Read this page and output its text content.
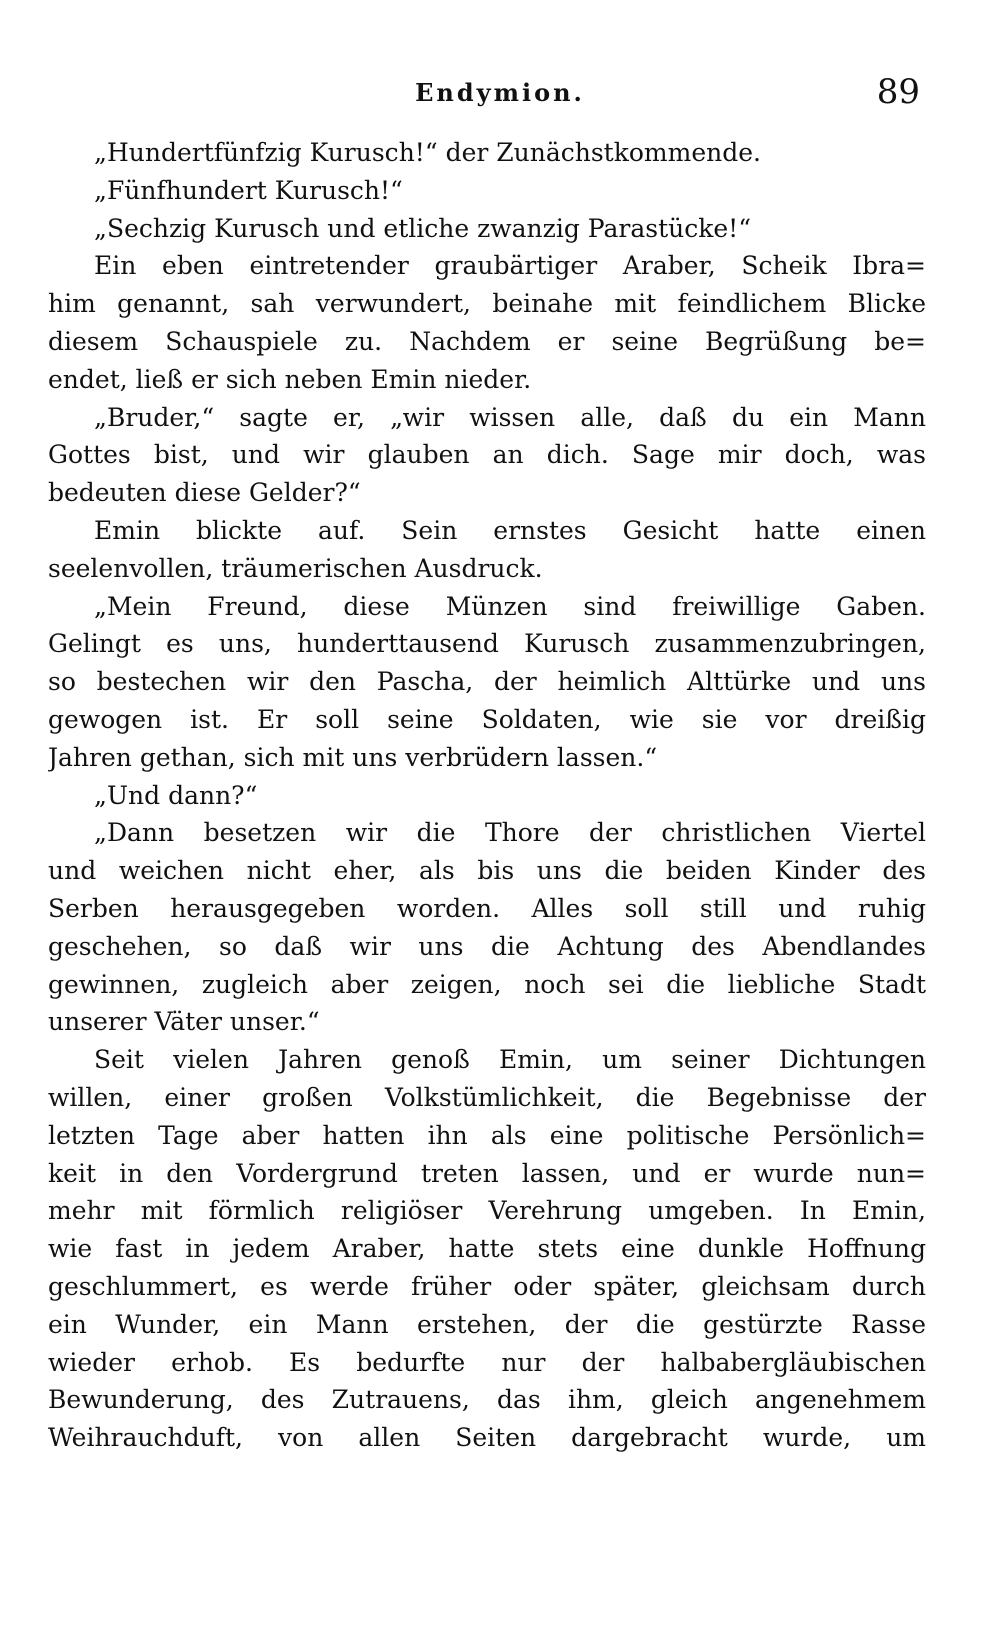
Endymion.	89
„Hundertfünfzig Kurusch!“ der Zunächstkommende.
„Fünfhundert Kurusch!“
„Sechzig Kurusch und etliche zwanzig Parastücke!“
Ein eben eintretender graubärtiger Araber, Scheik Ibra=
him genannt, sah verwundert, beinahe mit feindlichem Blicke
diesem Schauspiele zu. Nachdem er seine Begrüßung be=
endet, ließ er sich neben Emin nieder.
„Bruder,“ sagte er, „wir wissen alle, daß du ein Mann
Gottes bist, und wir glauben an dich. Sage mir doch, was
bedeuten diese Gelder?“
Emin blickte auf. Sein ernstes Gesicht hatte einen
seelenvollen, träumerischen Ausdruck.
„Mein Freund, diese Münzen sind freiwillige Gaben.
Gelingt es uns, hunderttausend Kurusch zusammenzubringen,
so bestechen wir den Pascha, der heimlich Alttürke und uns
gewogen ist. Er soll seine Soldaten, wie sie vor dreißig
Jahren gethan, sich mit uns verbrüdern lassen.“
„Und dann?“
„Dann besetzen wir die Thore der christlichen Viertel
und weichen nicht eher, als bis uns die beiden Kinder des
Serben herausgegeben worden. Alles soll still und ruhig
geschehen, so daß wir uns die Achtung des Abendlandes
gewinnen, zugleich aber zeigen, noch sei die liebliche Stadt
unserer Väter unser.“
Seit vielen Jahren genoß Emin, um seiner Dichtungen
willen, einer großen Volkstümlichkeit, die Begebnisse der
letzten Tage aber hatten ihn als eine politische Persönlich=
keit in den Vordergrund treten lassen, und er wurde nun=
mehr mit förmlich religiöser Verehrung umgeben. In Emin,
wie fast in jedem Araber, hatte stets eine dunkle Hoffnung
geschlummert, es werde früher oder später, gleichsam durch
ein Wunder, ein Mann erstehen, der die gestürzte Rasse
wieder erhob. Es bedurfte nur der halbabergläubischen
Bewunderung, des Zutrauens, das ihm, gleich angenehmem
Weihrauchduft, von allen Seiten dargebracht wurde, um
